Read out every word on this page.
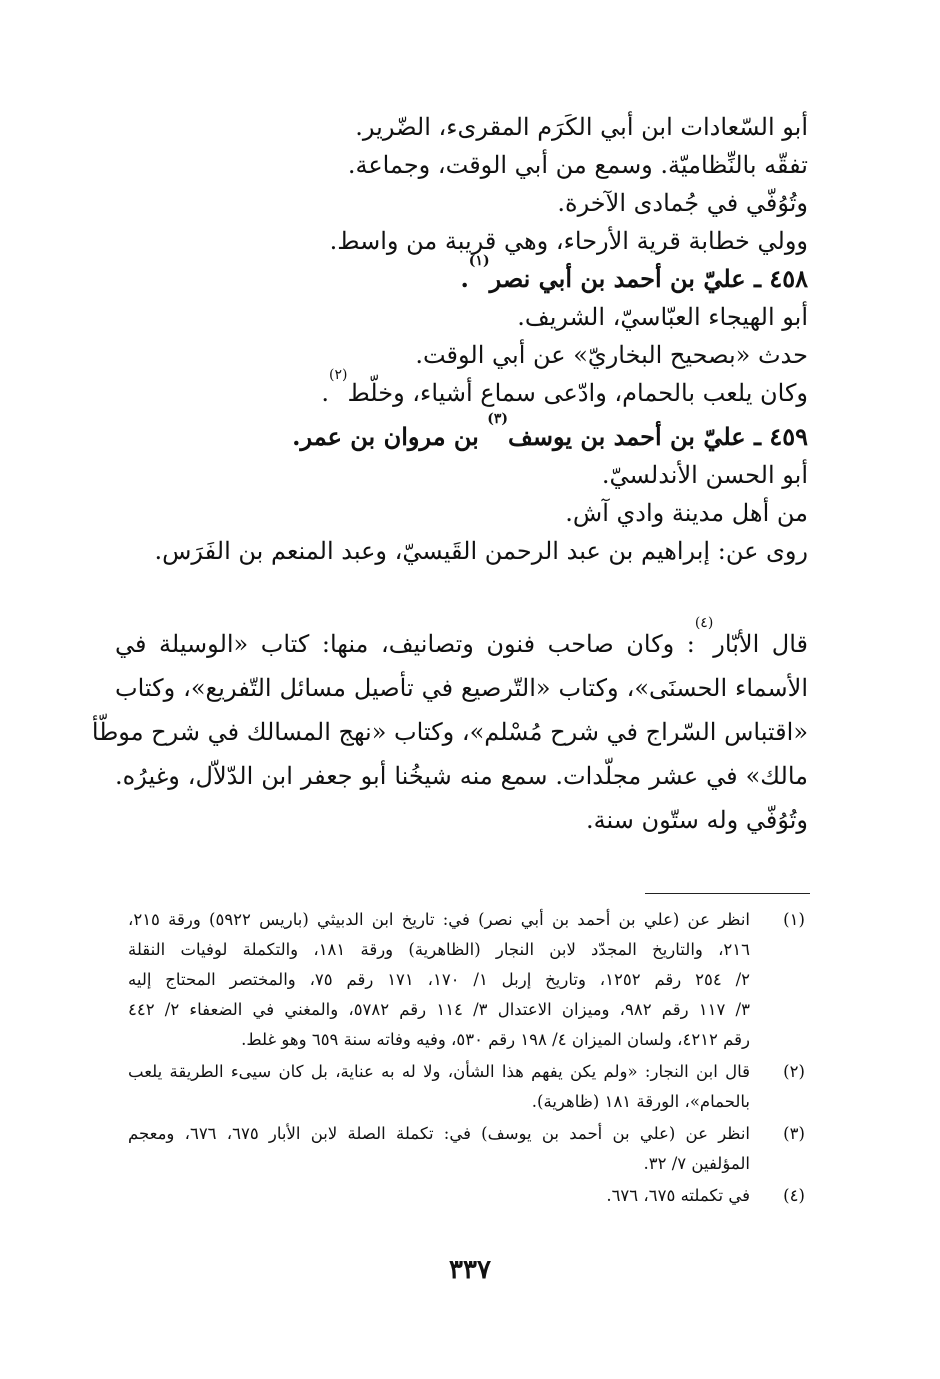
أبو السّعادات ابن أبي الكَرَم المقرىء، الضّرير.
تفقّه بالنِّظاميّة. وسمع من أبي الوقت، وجماعة.
وتُوُفّي في جُمادى الآخرة.
وولي خطابة قرية الأرحاء، وهي قريبة من واسط.
٤٥٨ ـ عليّ بن أحمد بن أبي نصر$^{(١)}$.
أبو الهيجاء العبّاسيّ، الشريف.
حدث «بصحيح البخاريّ» عن أبي الوقت.
وكان يلعب بالحمام، وادّعى سماع أشياء، وخلّط$^{(٢)}$.
٤٥٩ ـ عليّ بن أحمد بن يوسف$^{(٣)}$ بن مروان بن عمر.
أبو الحسن الأندلسيّ.
من أهل مدينة وادي آش.
روى عن: إبراهيم بن عبد الرحمن القَيسيّ، وعبد المنعم بن الفَرَس.
قال الأبّار$^{(٤)}$: وكان صاحب فنون وتصانيف، منها: كتاب «الوسيلة في
الأسماء الحسنَى»، وكتاب «التّرصيع في تأصيل مسائل التّفريع»، وكتاب
«اقتباس السّراج في شرح مُسْلم»، وكتاب «نهج المسالك في شرح موطّأ
مالك» في عشر مجلّدات. سمع منه شيخُنا أبو جعفر ابن الدّلاّل، وغيرُه.
وتُوُفّي وله ستّون سنة.
(١)
انظر عن (علي بن أحمد بن أبي نصر) في: تاريخ ابن الدبيثي (باريس ٥٩٢٢) ورقة ٢١٥،
٢١٦، والتاريخ المجدّد لابن النجار (الظاهرية) ورقة ١٨١، والتكملة لوفيات النقلة
٢/ ٢٥٤ رقم ١٢٥٢، وتاريخ إربل ١/ ١٧٠، ١٧١ رقم ٧٥، والمختصر المحتاج إليه
٣/ ١١٧ رقم ٩٨٢، وميزان الاعتدال ٣/ ١١٤ رقم ٥٧٨٢، والمغني في الضعفاء ٢/ ٤٤٢
رقم ٤٢١٢، ولسان الميزان ٤/ ١٩٨ رقم ٥٣٠، وفيه وفاته سنة ٦٥٩ وهو غلط.
(٢)
قال ابن النجار: «ولم يكن يفهم هذا الشأن، ولا له به عناية، بل كان سيىء الطريقة يلعب
بالحمام»، الورقة ١٨١ (ظاهرية).
(٣)
انظر عن (علي بن أحمد بن يوسف) في: تكملة الصلة لابن الأبار ٦٧٥، ٦٧٦، ومعجم
المؤلفين ٧/ ٣٢.
(٤)
في تكملته ٦٧٥، ٦٧٦.
٣٣٧
